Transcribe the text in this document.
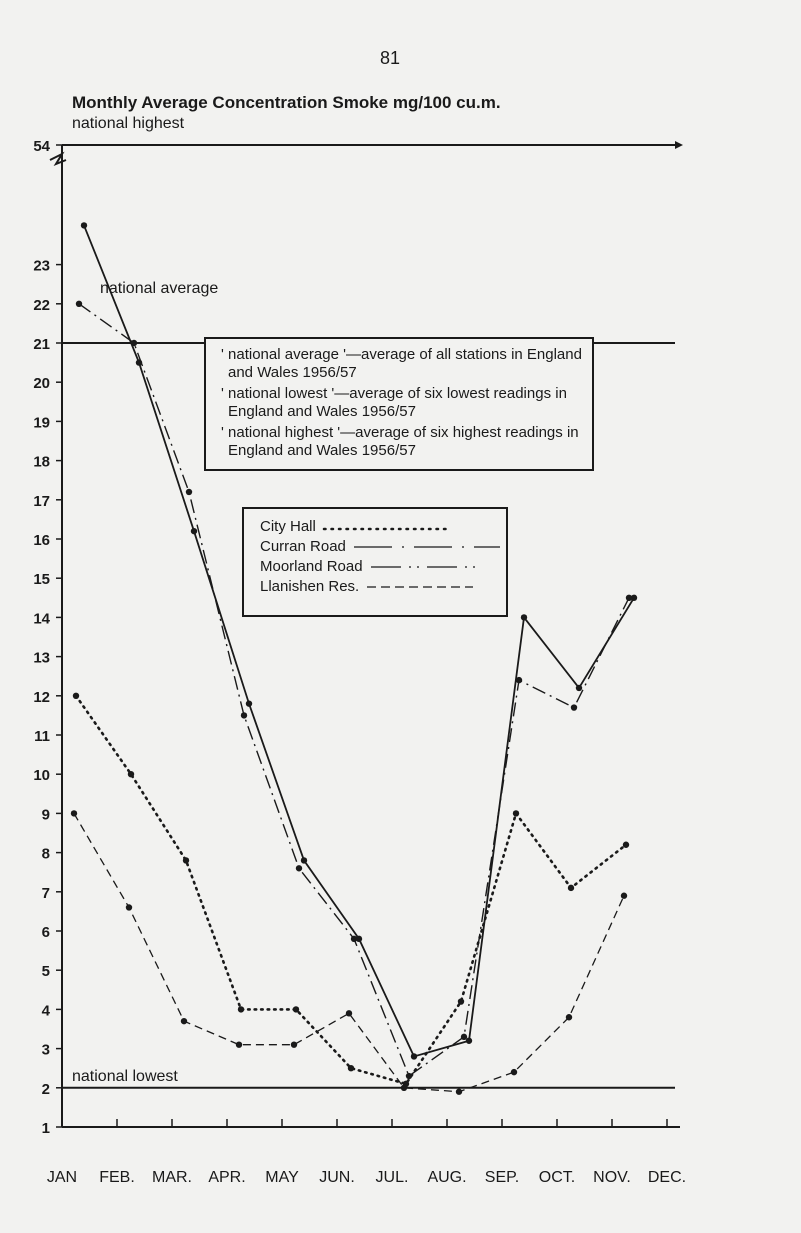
81
Monthly Average Concentration Smoke mg/100 cu.m.
1
2
3
4
5
6
7
8
9
10
11
12
13
14
15
16
17
18
19
20
21
22
23
54
JAN FEB. MAR. APR. MAY JUN. JUL. AUG. SEP. OCT. NOV. DEC.
national highest
national average
national lowest

' national average '—average of all stations in England and Wales 1956/57

' national lowest '—average of six lowest readings in England and Wales 1956/57

' national highest '—average of six highest readings in England and Wales 1956/57

City Hall
Curran Road
Moorland Road
Llanishen Res.
